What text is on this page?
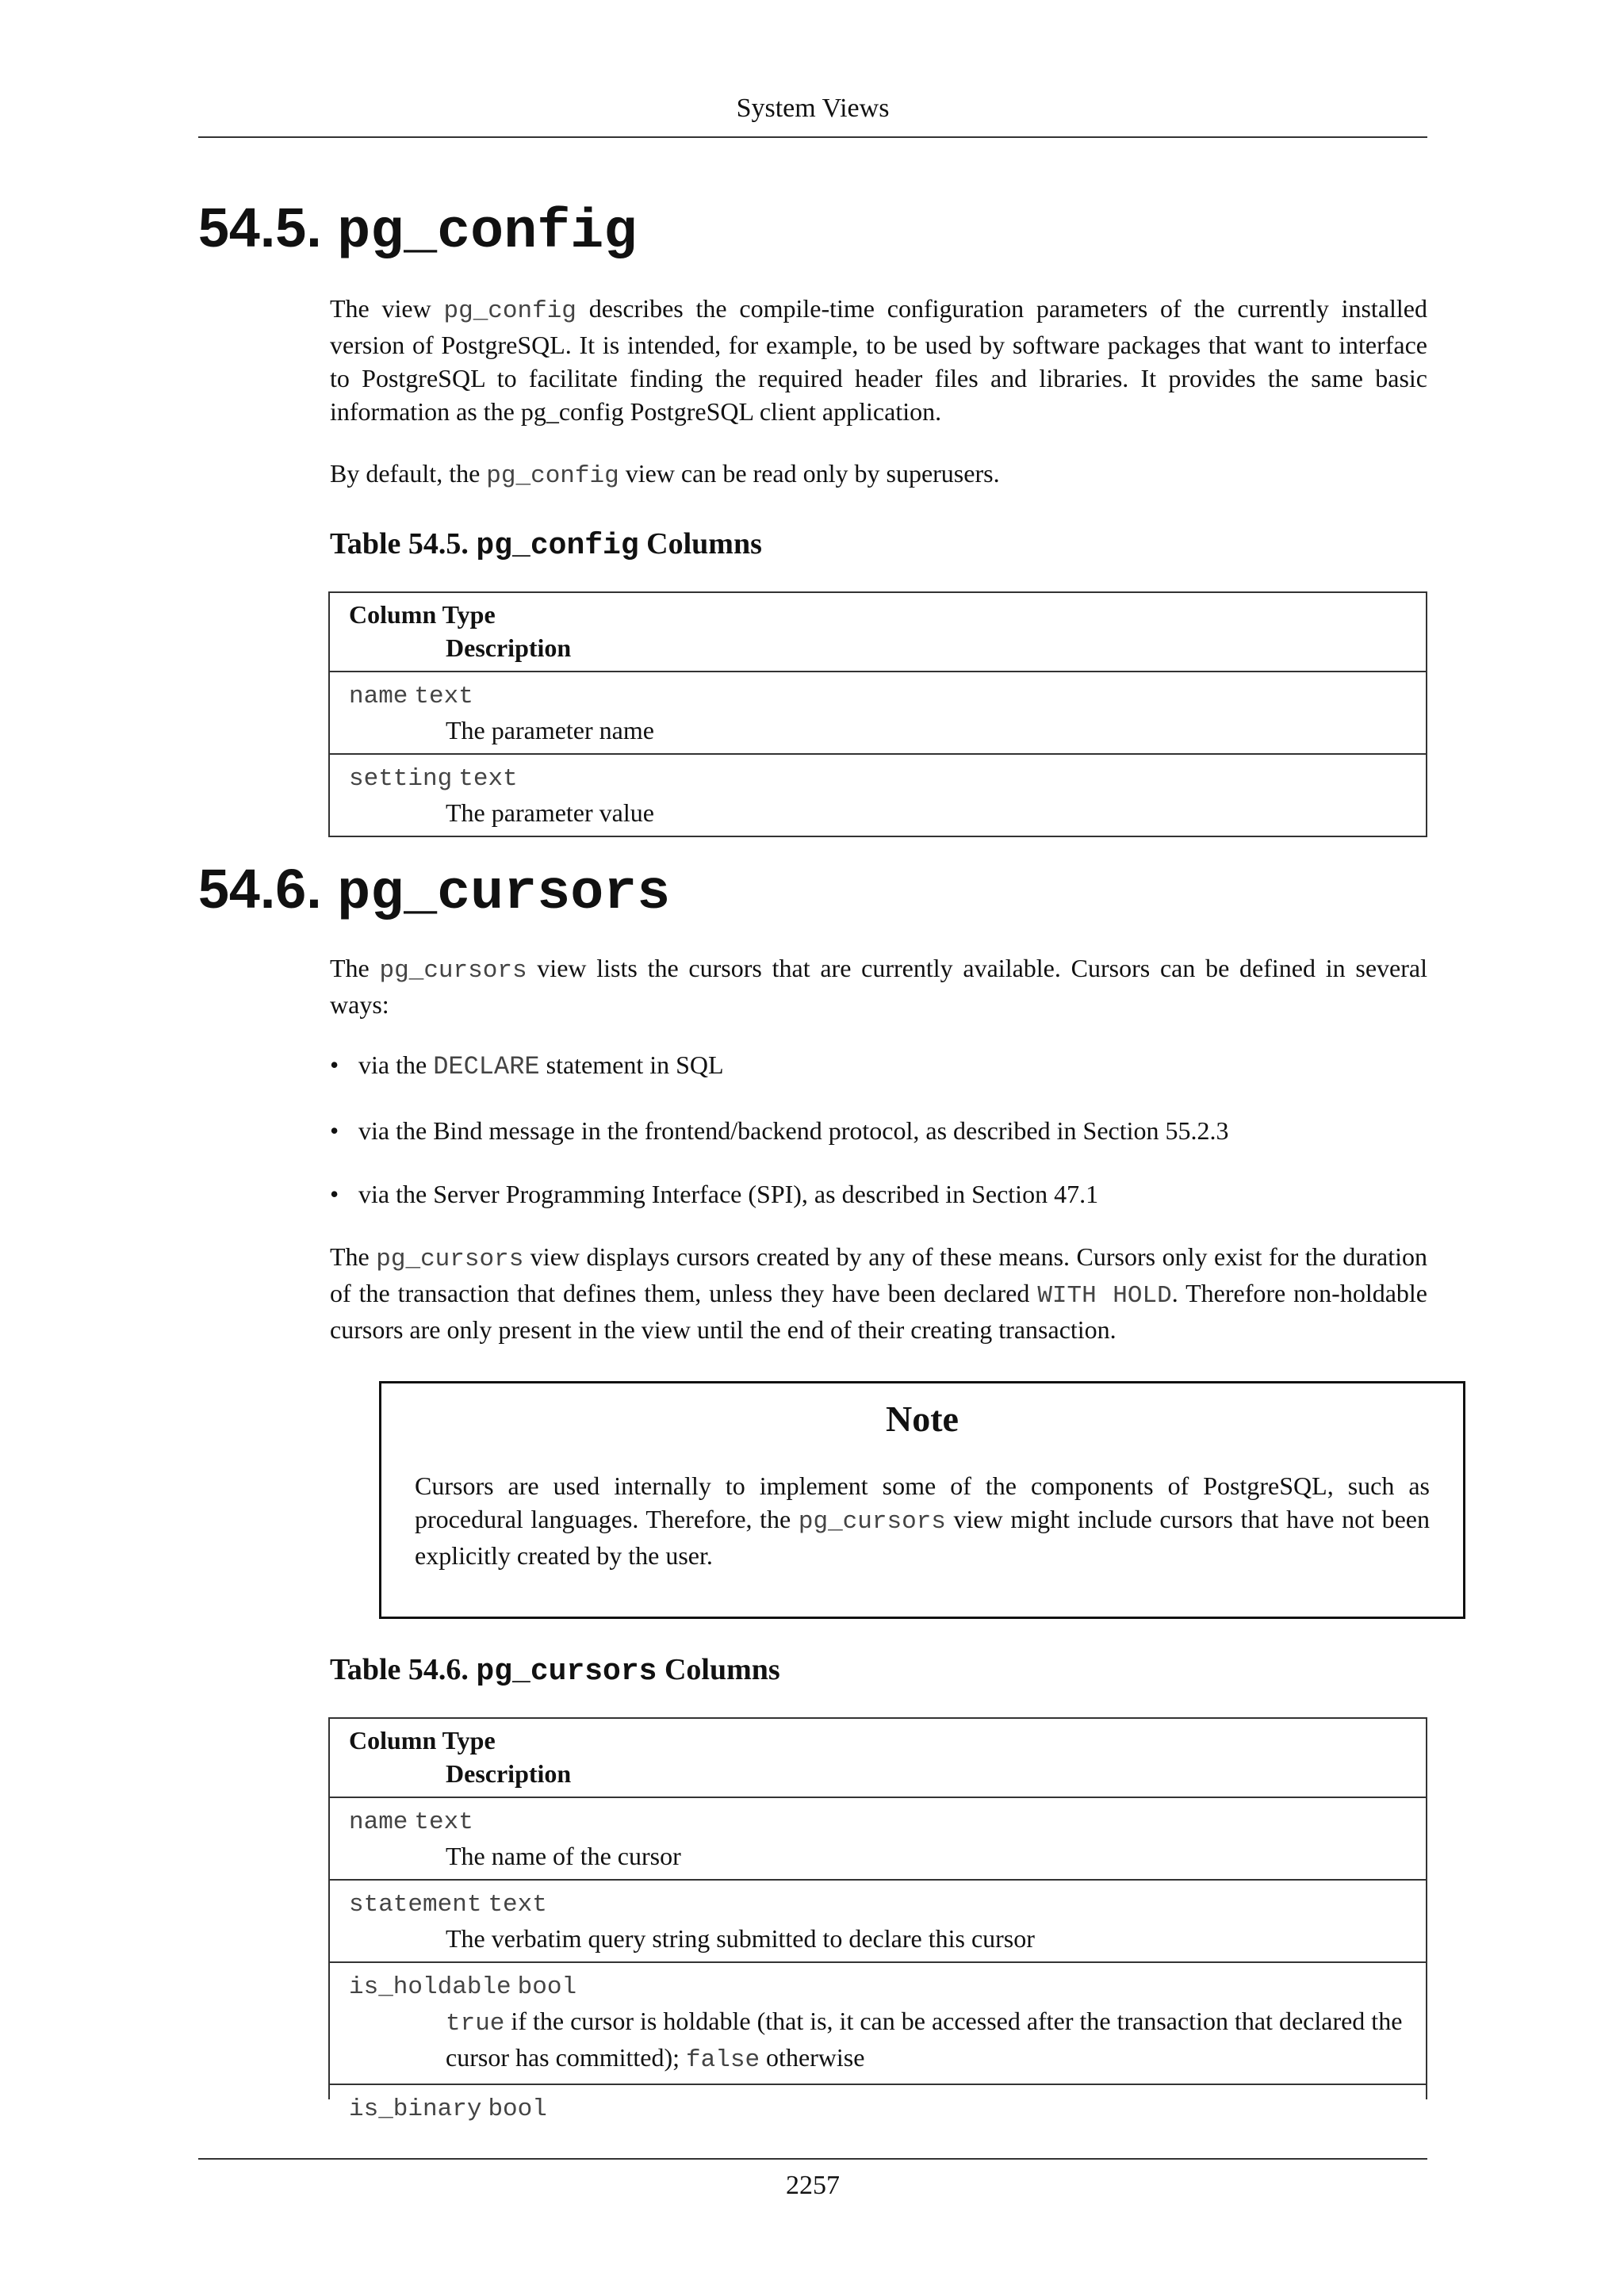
System Views
54.5. pg_config

The view pg_config describes the compile-time configuration parameters of the currently installed version of PostgreSQL. It is intended, for example, to be used by software packages that want to interface to PostgreSQL to facilitate finding the required header files and libraries. It provides the same basic information as the pg_config PostgreSQL client application.

By default, the pg_config view can be read only by superusers.

Table 54.5. pg_config Columns
Column Type
Description
name text
The parameter name
setting text
The parameter value
54.6. pg_cursors

The pg_cursors view lists the cursors that are currently available. Cursors can be defined in several ways:

• via the DECLARE statement in SQL
• via the Bind message in the frontend/backend protocol, as described in Section 55.2.3
• via the Server Programming Interface (SPI), as described in Section 47.1

The pg_cursors view displays cursors created by any of these means. Cursors only exist for the duration of the transaction that defines them, unless they have been declared WITH HOLD. Therefore non-holdable cursors are only present in the view until the end of their creating transaction.

Note

Cursors are used internally to implement some of the components of PostgreSQL, such as procedural languages. Therefore, the pg_cursors view might include cursors that have not been explicitly created by the user.

Table 54.6. pg_cursors Columns
Column Type
Description
name text
The name of the cursor
statement text
The verbatim query string submitted to declare this cursor
is_holdable bool
true if the cursor is holdable (that is, it can be accessed after the transaction that declared the cursor has committed); false otherwise
is_binary bool
2257
